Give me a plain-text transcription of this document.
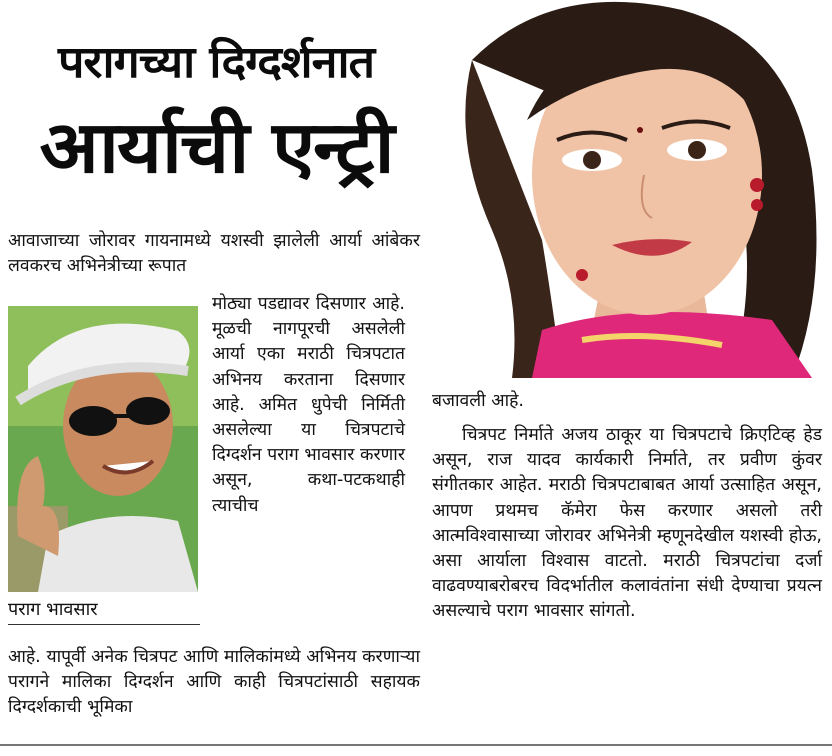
परागच्या दिग्दर्शनात
आर्याची एन्ट्री
आवाजाच्या जोरावर गायनामध्ये यशस्वी झालेली आर्या आंबेकर लवकरच अभिनेत्रीच्या रूपात
मोठ्या पडद्यावर दिसणार आहे. मूळची नागपूरची असलेली आर्या एका मराठी चित्रपटात अभिनय करताना दिसणार आहे. अमित धुपेची निर्मिती असलेल्या या चित्रपटाचे दिग्दर्शन पराग भावसार करणार असून, कथा-पटकथाही त्याचीच
पराग भावसार
आहे. यापूर्वी अनेक चित्रपट आणि मालिकांमध्ये अभिनय करणाऱ्या परागने मालिका दिग्दर्शन आणि काही चित्रपटांसाठी सहायक दिग्दर्शकाची भूमिका
बजावली आहे.
चित्रपट निर्माते अजय ठाकूर या चित्रपटाचे क्रिएटिव्ह हेड असून, राज यादव कार्यकारी निर्माते, तर प्रवीण कुंवर संगीतकार आहेत. मराठी चित्रपटाबाबत आर्या उत्साहित असून, आपण प्रथमच कॅमेरा फेस करणार असलो तरी आत्मविश्वासाच्या जोरावर अभिनेत्री म्हणूनदेखील यशस्वी होऊ, असा आर्याला विश्वास वाटतो. मराठी चित्रपटांचा दर्जा वाढवण्याबरोबरच विदर्भातील कलावंतांना संधी देण्याचा प्रयत्न असल्याचे पराग भावसार सांगतो.
